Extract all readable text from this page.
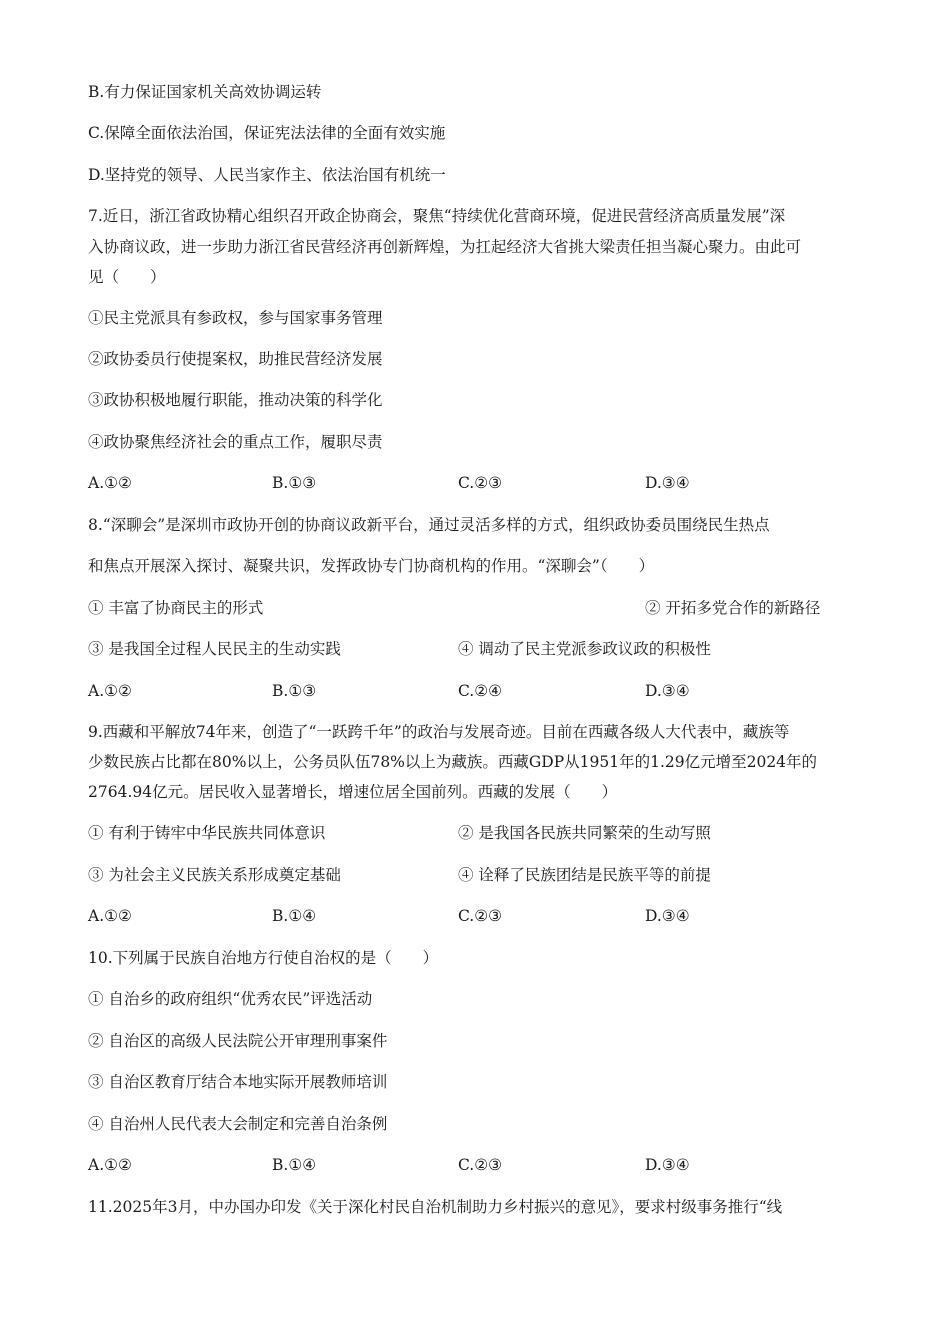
B.有力保证国家机关高效协调运转
C.保障全面依法治国，保证宪法法律的全面有效实施
D.坚持党的领导、人民当家作主、依法治国有机统一
7.近日，浙江省政协精心组织召开政企协商会，聚焦“持续优化营商环境，促进民营经济高质量发展”深
入协商议政，进一步助力浙江省民营经济再创新辉煌，为扛起经济大省挑大梁责任担当凝心聚力。由此可
见（　　）
①民主党派具有参政权，参与国家事务管理
②政协委员行使提案权，助推民营经济发展
③政协积极地履行职能，推动决策的科学化
④政协聚焦经济社会的重点工作，履职尽责
A.①②	B.①③	C.②③	D.③④
8.“深聊会”是深圳市政协开创的协商议政新平台，通过灵活多样的方式，组织政协委员围绕民生热点
和焦点开展深入探讨、凝聚共识，发挥政协专门协商机构的作用。“深聊会”（　　）
① 丰富了协商民主的形式	② 开拓多党合作的新路径
③ 是我国全过程人民民主的生动实践	④ 调动了民主党派参政议政的积极性
A.①②	B.①③	C.②④	D.③④
9.西藏和平解放74年来，创造了“一跃跨千年”的政治与发展奇迹。目前在西藏各级人大代表中，藏族等
少数民族占比都在80%以上，公务员队伍78%以上为藏族。西藏GDP从1951年的1.29亿元增至2024年的
2764.94亿元。居民收入显著增长，增速位居全国前列。西藏的发展（　　）
① 有利于铸牢中华民族共同体意识	② 是我国各民族共同繁荣的生动写照
③ 为社会主义民族关系形成奠定基础	④ 诠释了民族团结是民族平等的前提
A.①②	B.①④	C.②③	D.③④
10.下列属于民族自治地方行使自治权的是（　　）
① 自治乡的政府组织“优秀农民”评选活动
② 自治区的高级人民法院公开审理刑事案件
③ 自治区教育厅结合本地实际开展教师培训
④ 自治州人民代表大会制定和完善自治条例
A.①②	B.①④	C.②③	D.③④
11.2025年3月，中办国办印发《关于深化村民自治机制助力乡村振兴的意见》，要求村级事务推行“线
